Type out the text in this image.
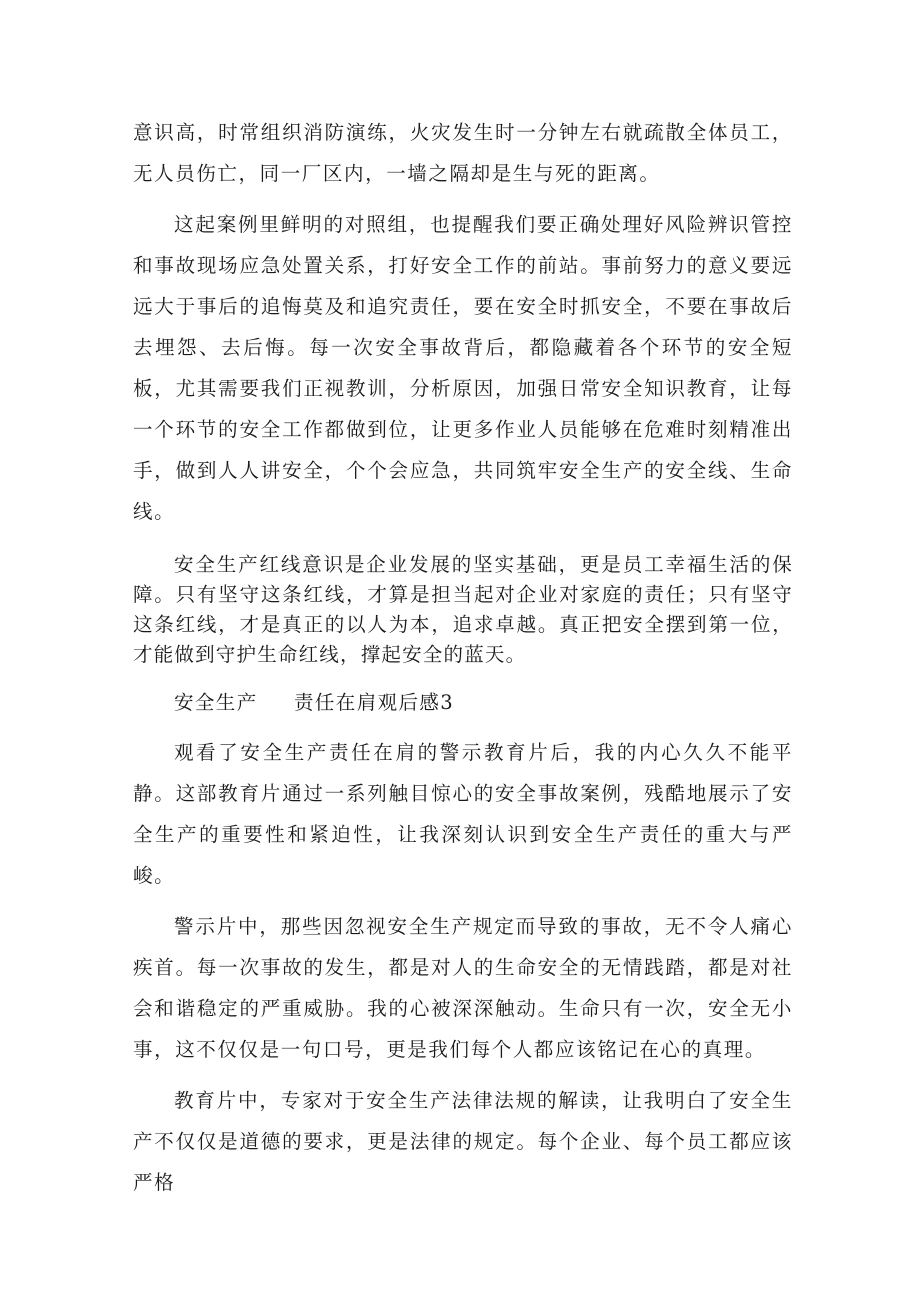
意识高，时常组织消防演练，火灾发生时一分钟左右就疏散全体员工，无人员伤亡，同一厂区内，一墙之隔却是生与死的距离。

这起案例里鲜明的对照组，也提醒我们要正确处理好风险辨识管控和事故现场应急处置关系，打好安全工作的前站。事前努力的意义要远远大于事后的追悔莫及和追究责任，要在安全时抓安全，不要在事故后去埋怨、去后悔。每一次安全事故背后，都隐藏着各个环节的安全短板，尤其需要我们正视教训，分析原因，加强日常安全知识教育，让每一个环节的安全工作都做到位，让更多作业人员能够在危难时刻精准出手，做到人人讲安全，个个会应急，共同筑牢安全生产的安全线、生命线。

安全生产红线意识是企业发展的坚实基础，更是员工幸福生活的保障。只有坚守这条红线，才算是担当起对企业对家庭的责任；只有坚守这条红线，才是真正的以人为本，追求卓越。真正把安全摆到第一位，才能做到守护生命红线，撑起安全的蓝天。

安全生产 责任在肩观后感3

观看了安全生产责任在肩的警示教育片后，我的内心久久不能平静。这部教育片通过一系列触目惊心的安全事故案例，残酷地展示了安全生产的重要性和紧迫性，让我深刻认识到安全生产责任的重大与严峻。

警示片中，那些因忽视安全生产规定而导致的事故，无不令人痛心疾首。每一次事故的发生，都是对人的生命安全的无情践踏，都是对社会和谐稳定的严重威胁。我的心被深深触动。生命只有一次，安全无小事，这不仅仅是一句口号，更是我们每个人都应该铭记在心的真理。

教育片中，专家对于安全生产法律法规的解读，让我明白了安全生产不仅仅是道德的要求，更是法律的规定。每个企业、每个员工都应该严格
